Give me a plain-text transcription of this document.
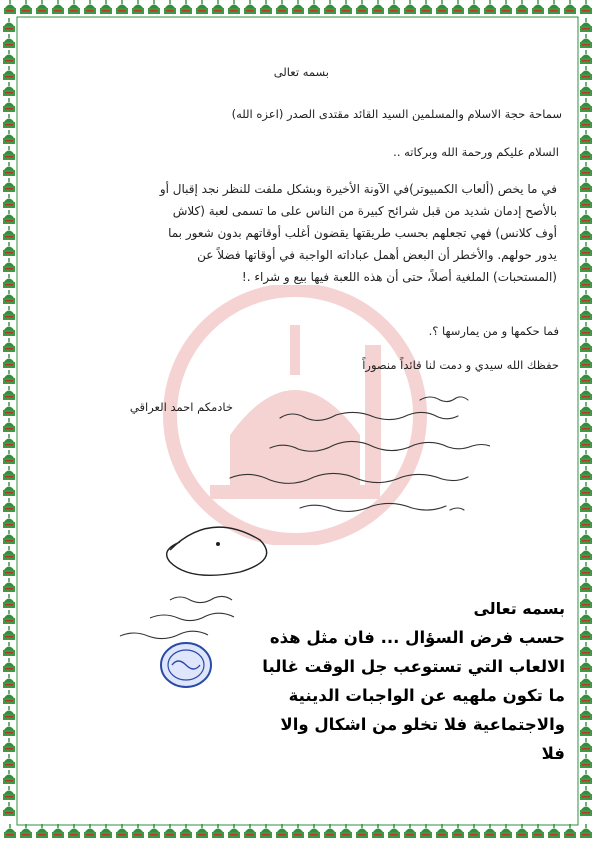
بسمه تعالى
سماحة حجة الاسلام والمسلمين السيد القائد مقتدى الصدر (اعزه الله)
السلام عليكم ورحمة الله وبركاته ..

في ما يخص (ألعاب الكمبيوتر)في الآونة الأخيرة وبشكل ملفت للنظر نجد إقبال أو

بالأصح إدمان شديد من قبل شرائح كبيرة من الناس على ما تسمى لعبة (كلاش

أوف كلانس) فهي تجعلهم بحسب طريقتها يقضون أغلب أوقاتهم بدون شعور بما

يدور حولهم. والأخطر أن البعض أهمل عباداته الواجبة في أوقاتها فضلاً عن

(المستحبات) الملغية أصلاً، حتى أن هذه اللعبة فيها بيع و شراء .!

فما حكمها و من يمارسها ؟.
حفظك الله سيدي و دمت لنا قائداً منصوراً
خادمكم احمد العراقي

بسمه تعالى

حسب فرض السؤال ... فان مثل هذه

الالعاب التي تستوعب جل الوقت غالبا

ما تكون ملهيه عن الواجبات الدينية

والاجتماعية فلا تخلو من اشكال والا

فلا
